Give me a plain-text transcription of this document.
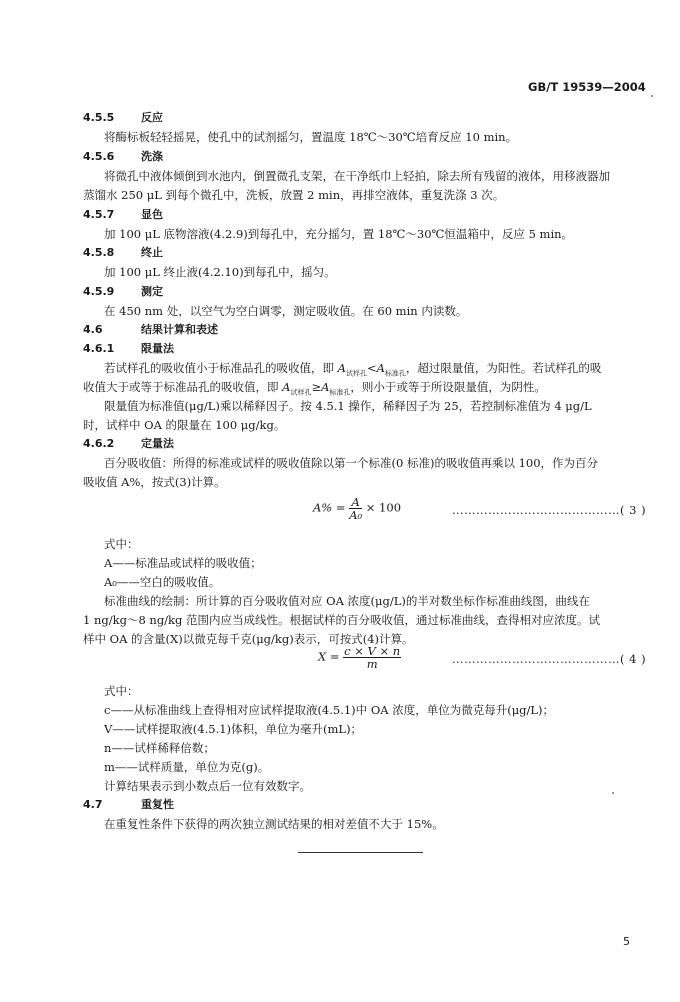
GB/T 19539—2004
4.5.5 反应
将酶标板轻轻摇晃，使孔中的试剂摇匀，置温度 18℃～30℃培育反应 10 min。
4.5.6 洗涤
将微孔中液体倾倒到水池内，倒置微孔支架，在干净纸巾上轻拍，除去所有残留的液体，用移液器加
蒸馏水 250 μL 到每个微孔中，洗板，放置 2 min，再排空液体，重复洗涤 3 次。
4.5.7 显色
加 100 μL 底物溶液(4.2.9)到每孔中，充分摇匀，置 18℃～30℃恒温箱中，反应 5 min。
4.5.8 终止
加 100 μL 终止液(4.2.10)到每孔中，摇匀。
4.5.9 测定
在 450 nm 处，以空气为空白调零，测定吸收值。在 60 min 内读数。
4.6	结果计算和表述
4.6.1 限量法
若试样孔的吸收值小于标准品孔的吸收值，即 $A_{试样孔}<A_{标准孔}$，超过限量值，为阳性。若试样孔的吸
收值大于或等于标准品孔的吸收值，即 $A_{试样孔}\ge A_{标准孔}$，则小于或等于所设限量值，为阴性。
限量值为标准值(μg/L)乘以稀释因子。按 4.5.1 操作，稀释因子为 25，若控制标准值为 4 μg/L
时，试样中 OA 的限量在 100 μg/kg。
4.6.2 定量法
百分吸收值：所得的标准或试样的吸收值除以第一个标准(0 标准)的吸收值再乘以 100，作为百分
吸收值 A%，按式(3)计算。
$A\% = \frac{A}{\text{A₀}} \times 100$	……………………………………( 3 )
式中：
A——标准品或试样的吸收值；
A₀——空白的吸收值。
标准曲线的绘制：所计算的百分吸收值对应 OA 浓度(μg/L)的半对数坐标作标准曲线图，曲线在
1 ng/kg～8 ng/kg 范围内应当成线性。根据试样的百分吸收值，通过标准曲线，查得相对应浓度。试
样中 OA 的含量(X)以微克每千克(μg/kg)表示，可按式(4)计算。
$X = \frac{c \times V \times n}{m}$	……………………………………( 4 )
式中：
c——从标准曲线上查得相对应试样提取液(4.5.1)中 OA 浓度，单位为微克每升(μg/L)；
V——试样提取液(4.5.1)体积，单位为毫升(mL)；
n——试样稀释倍数；
m——试样质量，单位为克(g)。
计算结果表示到小数点后一位有效数字。
4.7	重复性
在重复性条件下获得的两次独立测试结果的相对差值不大于 15%。
5
